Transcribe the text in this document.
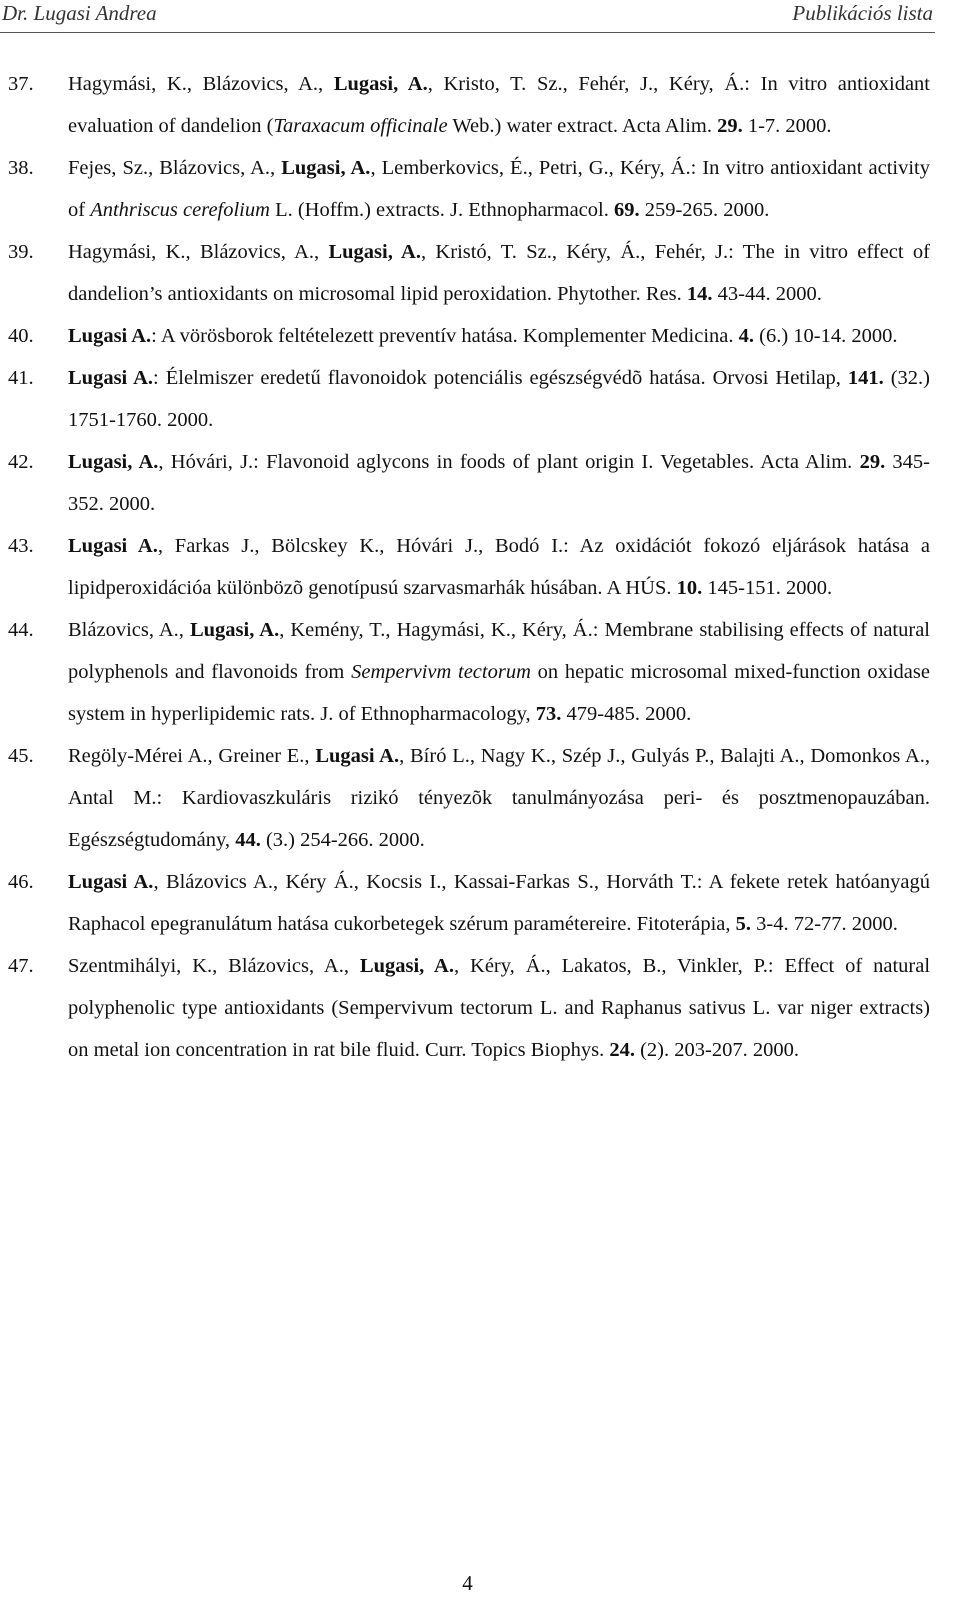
Dr. Lugasi Andrea	Publikációs lista
37. Hagymási, K., Blázovics, A., Lugasi, A., Kristo, T. Sz., Fehér, J., Kéry, Á.: In vitro antioxidant evaluation of dandelion (Taraxacum officinale Web.) water extract. Acta Alim. 29. 1-7. 2000.
38. Fejes, Sz., Blázovics, A., Lugasi, A., Lemberkovics, É., Petri, G., Kéry, Á.: In vitro antioxidant activity of Anthriscus cerefolium L. (Hoffm.) extracts. J. Ethnopharmacol. 69. 259-265. 2000.
39. Hagymási, K., Blázovics, A., Lugasi, A., Kristó, T. Sz., Kéry, Á., Fehér, J.: The in vitro effect of dandelion’s antioxidants on microsomal lipid peroxidation. Phytother. Res. 14. 43-44. 2000.
40. Lugasi A.: A vörösborok feltételezett preventív hatása. Komplementer Medicina. 4. (6.) 10-14. 2000.
41. Lugasi A.: Élelmiszer eredetű flavonoidok potenciális egészségvédõ hatása. Orvosi Hetilap, 141. (32.) 1751-1760. 2000.
42. Lugasi, A., Hóvári, J.: Flavonoid aglycons in foods of plant origin I. Vegetables. Acta Alim. 29. 345-352. 2000.
43. Lugasi A., Farkas J., Bölcskey K., Hóvári J., Bodó I.: Az oxidációt fokozó eljárások hatása a lipidperoxidációa különbözõ genotípusú szarvasmarhák húsában. A HÚS. 10. 145-151. 2000.
44. Blázovics, A., Lugasi, A., Kemény, T., Hagymási, K., Kéry, Á.: Membrane stabilising effects of natural polyphenols and flavonoids from Sempervivm tectorum on hepatic microsomal mixed-function oxidase system in hyperlipidemic rats. J. of Ethnopharmacology, 73. 479-485. 2000.
45. Regöly-Mérei A., Greiner E., Lugasi A., Bíró L., Nagy K., Szép J., Gulyás P., Balajti A., Domonkos A., Antal M.: Kardiovaszkuláris rizikó tényezõk tanulmányozása peri- és posztmenopauzában. Egészségtudomány, 44. (3.) 254-266. 2000.
46. Lugasi A., Blázovics A., Kéry Á., Kocsis I., Kassai-Farkas S., Horváth T.: A fekete retek hatóanyagú Raphacol epegranulátum hatása cukorbetegek szérum paramétereire. Fitoterápia, 5. 3-4. 72-77. 2000.
47. Szentmihályi, K., Blázovics, A., Lugasi, A., Kéry, Á., Lakatos, B., Vinkler, P.: Effect of natural polyphenolic type antioxidants (Sempervivum tectorum L. and Raphanus sativus L. var niger extracts) on metal ion concentration in rat bile fluid. Curr. Topics Biophys. 24. (2). 203-207. 2000.
4
